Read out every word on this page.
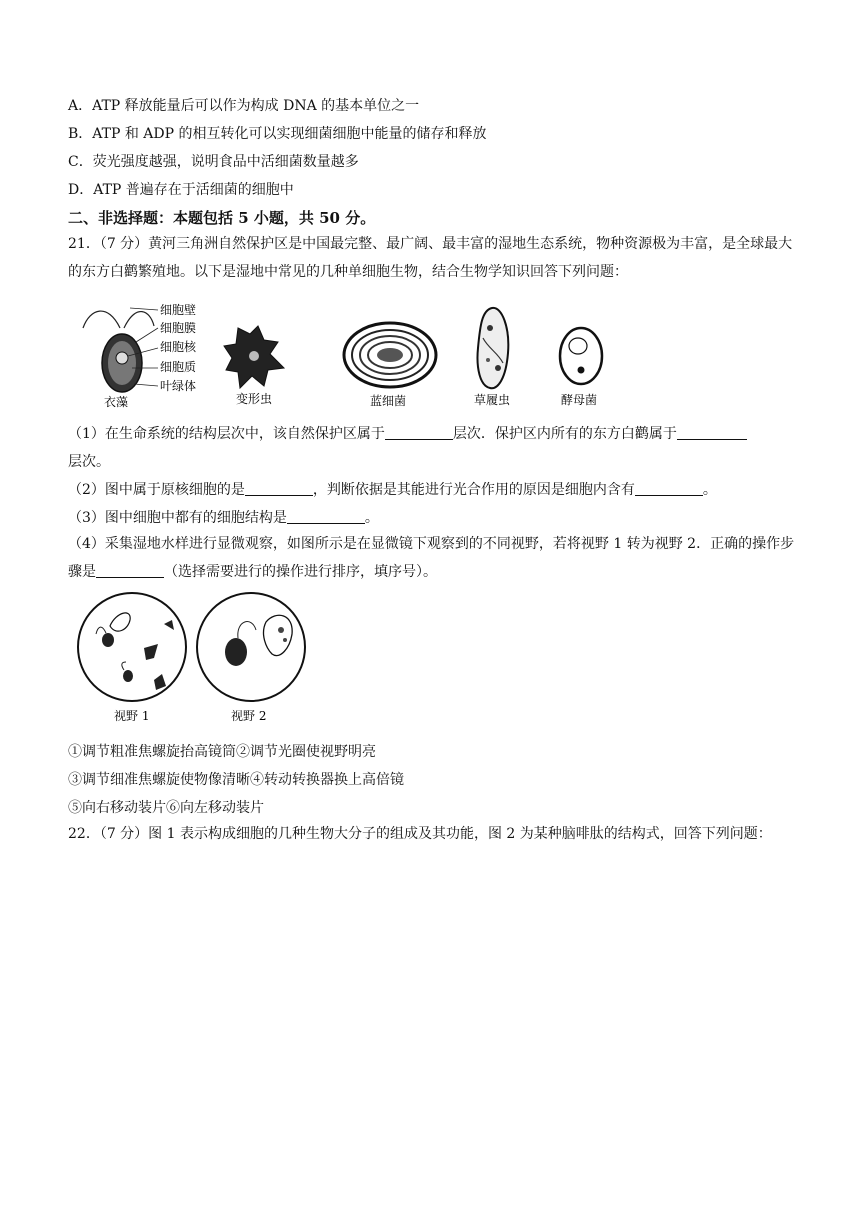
A．ATP 释放能量后可以作为构成 DNA 的基本单位之一
B．ATP 和 ADP 的相互转化可以实现细菌细胞中能量的储存和释放
C．荧光强度越强，说明食品中活细菌数量越多
D．ATP 普遍存在于活细菌的细胞中
二、非选择题：本题包括 5 小题，共 50 分。
21．（7 分）黄河三角洲自然保护区是中国最完整、最广阔、最丰富的湿地生态系统，物种资源极为丰富，是全球最大的东方白鹳繁殖地。以下是湿地中常见的几种单细胞生物，结合生物学知识回答下列问题：
细胞壁
细胞膜
细胞核
细胞质
叶绿体
衣藻	变形虫	蓝细菌	草履虫	酵母菌
（1）在生命系统的结构层次中，该自然保护区属于	层次．保护区内所有的东方白鹳属于
层次。
（2）图中属于原核细胞的是	，判断依据是其能进行光合作用的原因是细胞内含有	。
（3）图中细胞中都有的细胞结构是	。
（4）采集湿地水样进行显微观察，如图所示是在显微镜下观察到的不同视野，若将视野 1 转为视野 2．正确的操作步骤是	（选择需要进行的操作进行排序，填序号）。
视野 1	视野 2
①调节粗准焦螺旋抬高镜筒②调节光圈使视野明亮
③调节细准焦螺旋使物像清晰④转动转换器换上高倍镜
⑤向右移动装片⑥向左移动装片
22．（7 分）图 1 表示构成细胞的几种生物大分子的组成及其功能，图 2 为某种脑啡肽的结构式，回答下列问题：
